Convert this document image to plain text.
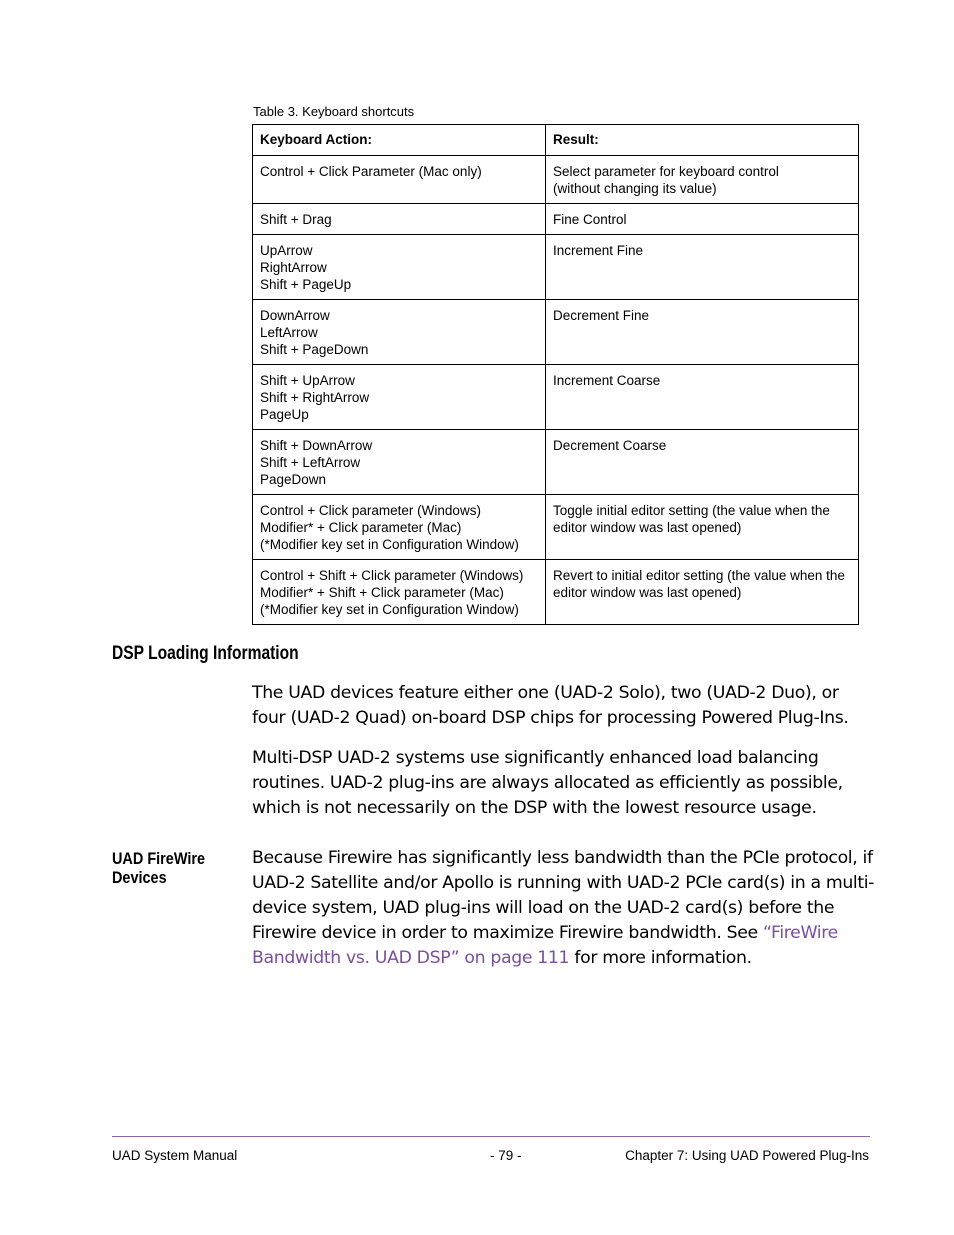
Table 3. Keyboard shortcuts
Keyboard Action:	Result:

Control + Click Parameter (Mac only)	Select parameter for keyboard control
(without changing its value)

Shift + Drag	Fine Control

UpArrow
RightArrow
Shift + PageUp	Increment Fine

DownArrow
LeftArrow
Shift + PageDown	Decrement Fine

Shift + UpArrow
Shift + RightArrow
PageUp	Increment Coarse

Shift + DownArrow
Shift + LeftArrow
PageDown	Decrement Coarse

Control + Click parameter (Windows)
Modifier* + Click parameter (Mac)
(*Modifier key set in Configuration Window)	Toggle initial editor setting (the value when the
editor window was last opened)

Control + Shift + Click parameter (Windows)
Modifier* + Shift + Click parameter (Mac)
(*Modifier key set in Configuration Window)	Revert to initial editor setting (the value when the
editor window was last opened)
DSP Loading Information
The UAD devices feature either one (UAD-2 Solo), two (UAD-2 Duo), or four (UAD-2 Quad) on-board DSP chips for processing Powered Plug-Ins.
Multi-DSP UAD-2 systems use significantly enhanced load balancing routines. UAD-2 plug-ins are always allocated as efficiently as possible, which is not necessarily on the DSP with the lowest resource usage.
UAD FireWire Devices
Because Firewire has significantly less bandwidth than the PCIe protocol, if UAD-2 Satellite and/or Apollo is running with UAD-2 PCIe card(s) in a multi-device system, UAD plug-ins will load on the UAD-2 card(s) before the Firewire device in order to maximize Firewire bandwidth. See “FireWire Bandwidth vs. UAD DSP” on page 111 for more information.
UAD System Manual	- 79 -	Chapter 7: Using UAD Powered Plug-Ins
